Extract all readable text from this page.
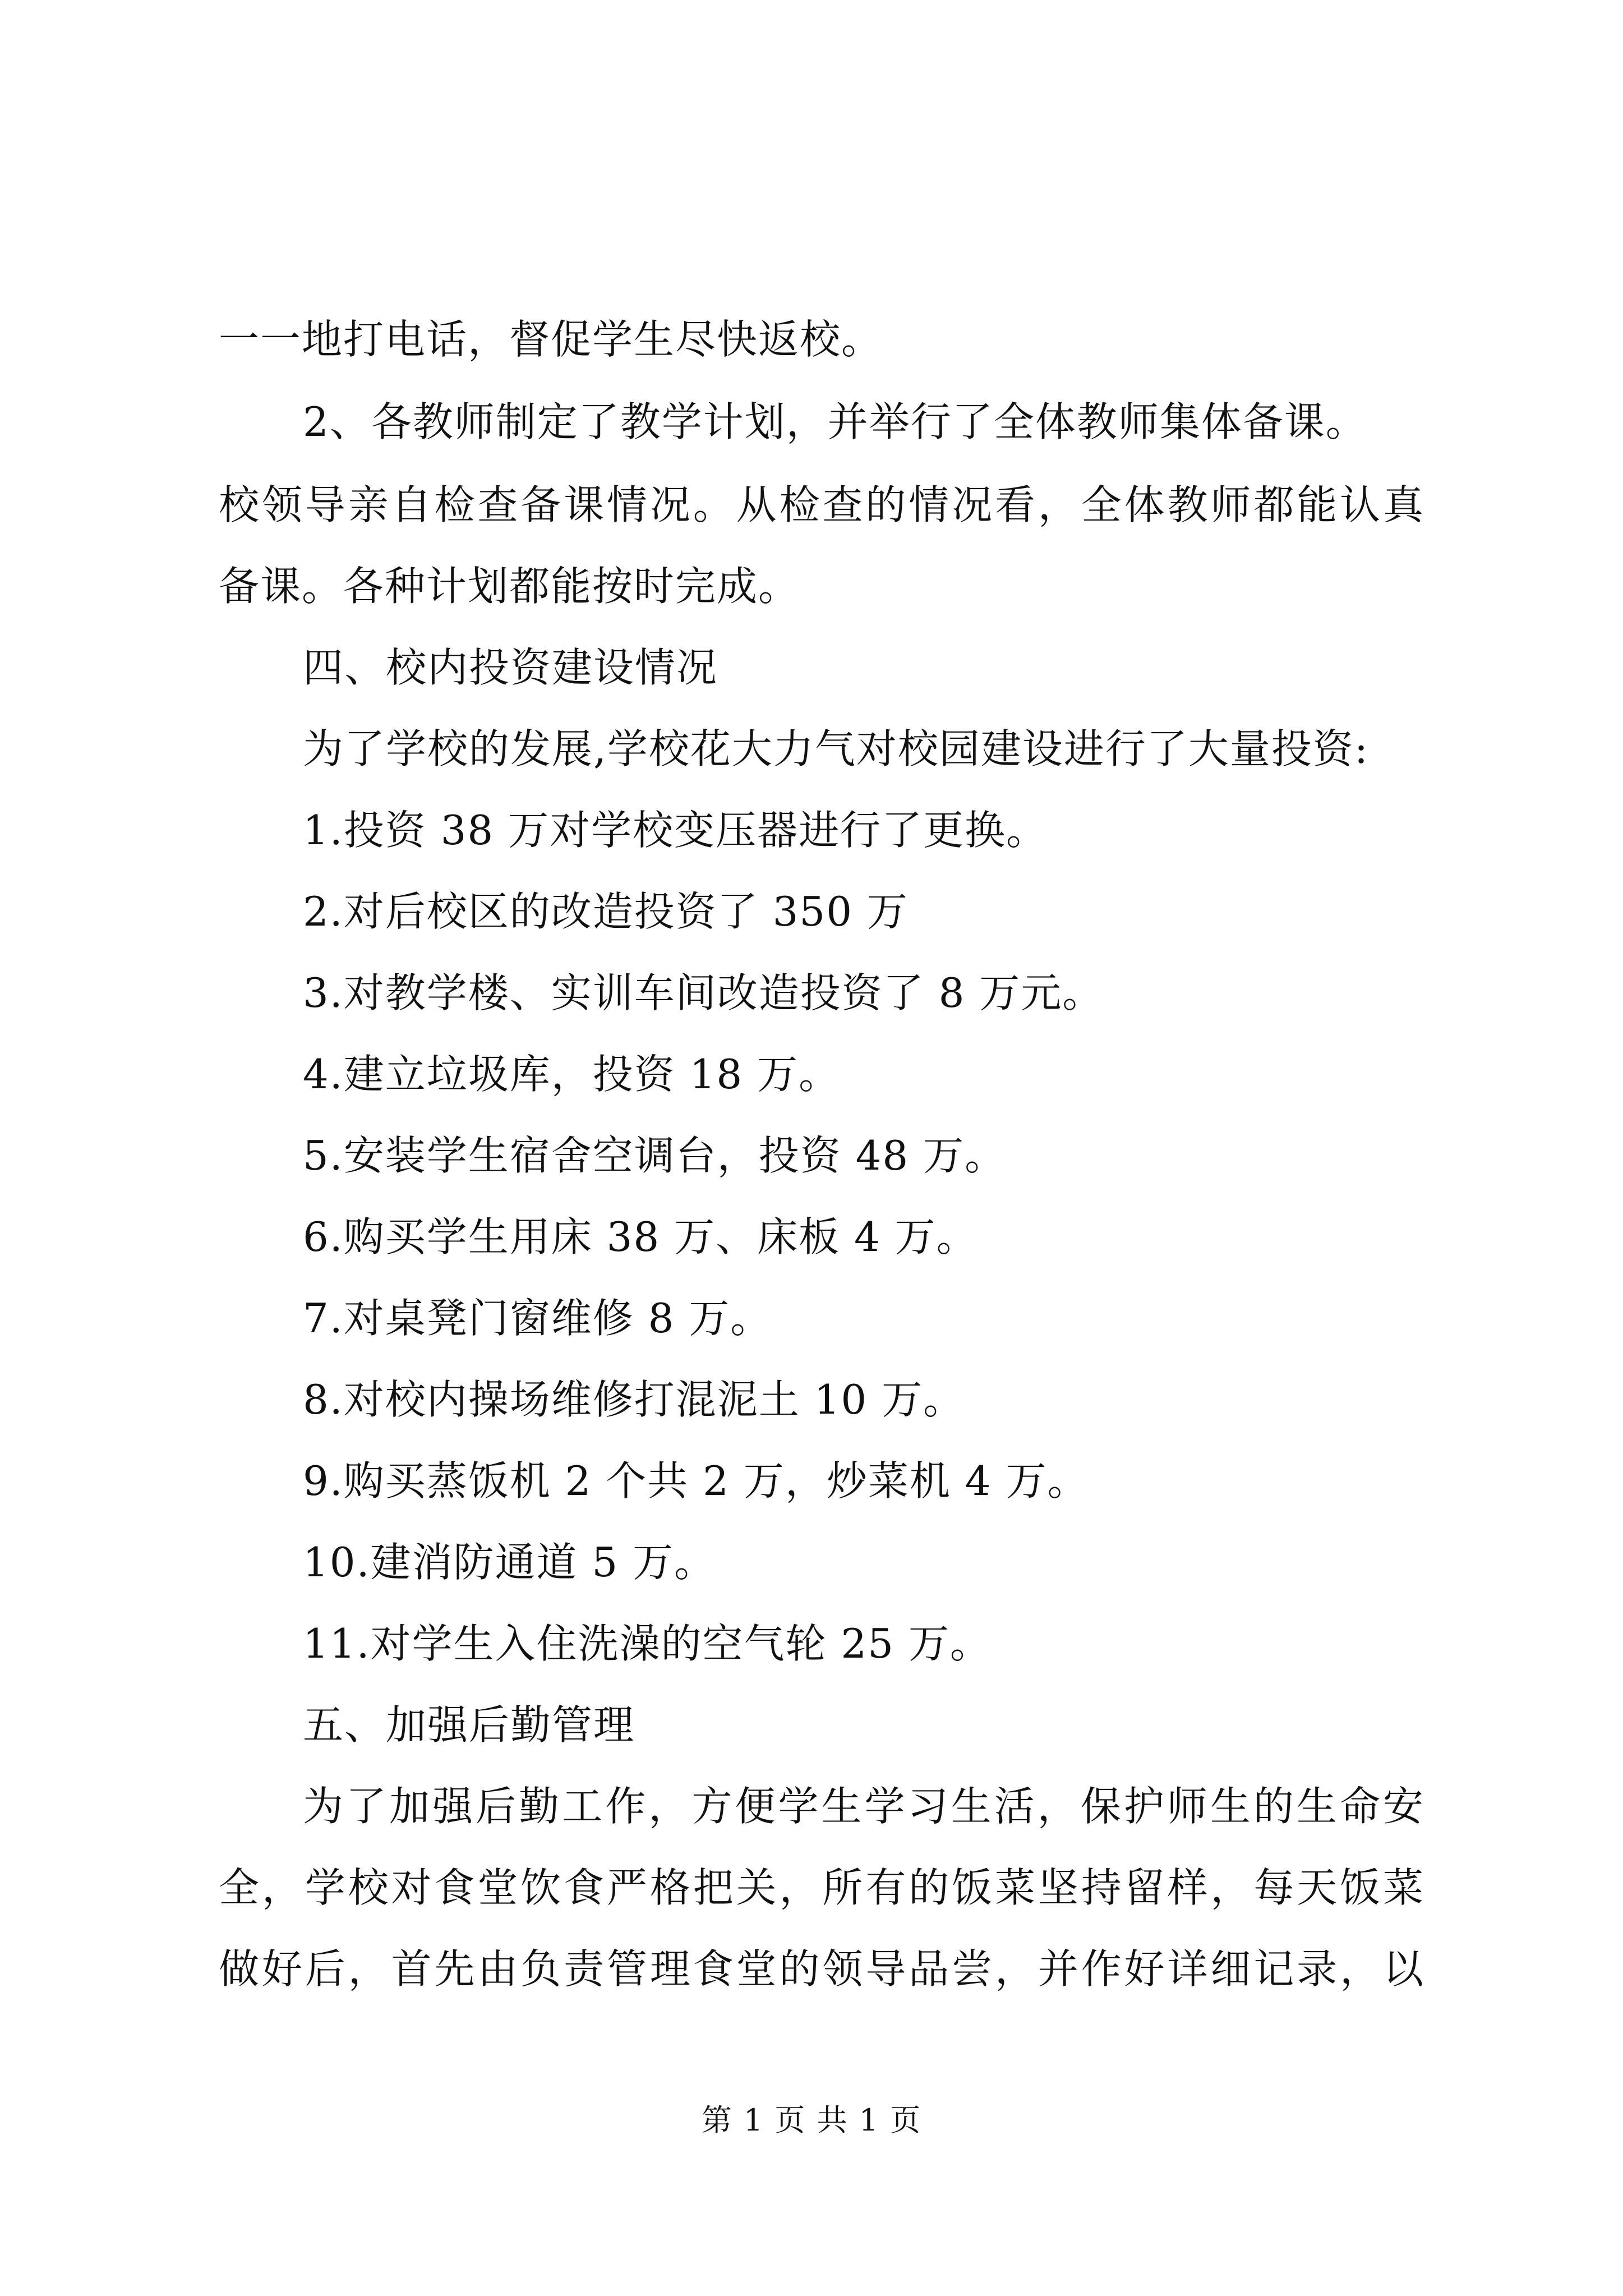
一一地打电话，督促学生尽快返校。
2、各教师制定了教学计划，并举行了全体教师集体备课。
校领导亲自检查备课情况。从检查的情况看，全体教师都能认真
备课。各种计划都能按时完成。
四、校内投资建设情况
为了学校的发展,学校花大力气对校园建设进行了大量投资:
1.投资 38 万对学校变压器进行了更换。
2.对后校区的改造投资了 350 万
3.对教学楼、实训车间改造投资了 8 万元。
4.建立垃圾库，投资 18 万。
5.安装学生宿舍空调台，投资 48 万。
6.购买学生用床 38 万、床板 4 万。
7.对桌凳门窗维修 8 万。
8.对校内操场维修打混泥土 10 万。
9.购买蒸饭机 2 个共 2 万，炒菜机 4 万。
10.建消防通道 5 万。
11.对学生入住洗澡的空气轮 25 万。
五、加强后勤管理
为了加强后勤工作，方便学生学习生活，保护师生的生命安
全，学校对食堂饮食严格把关，所有的饭菜坚持留样，每天饭菜
做好后，首先由负责管理食堂的领导品尝，并作好详细记录，以
第 1 页 共 1 页
